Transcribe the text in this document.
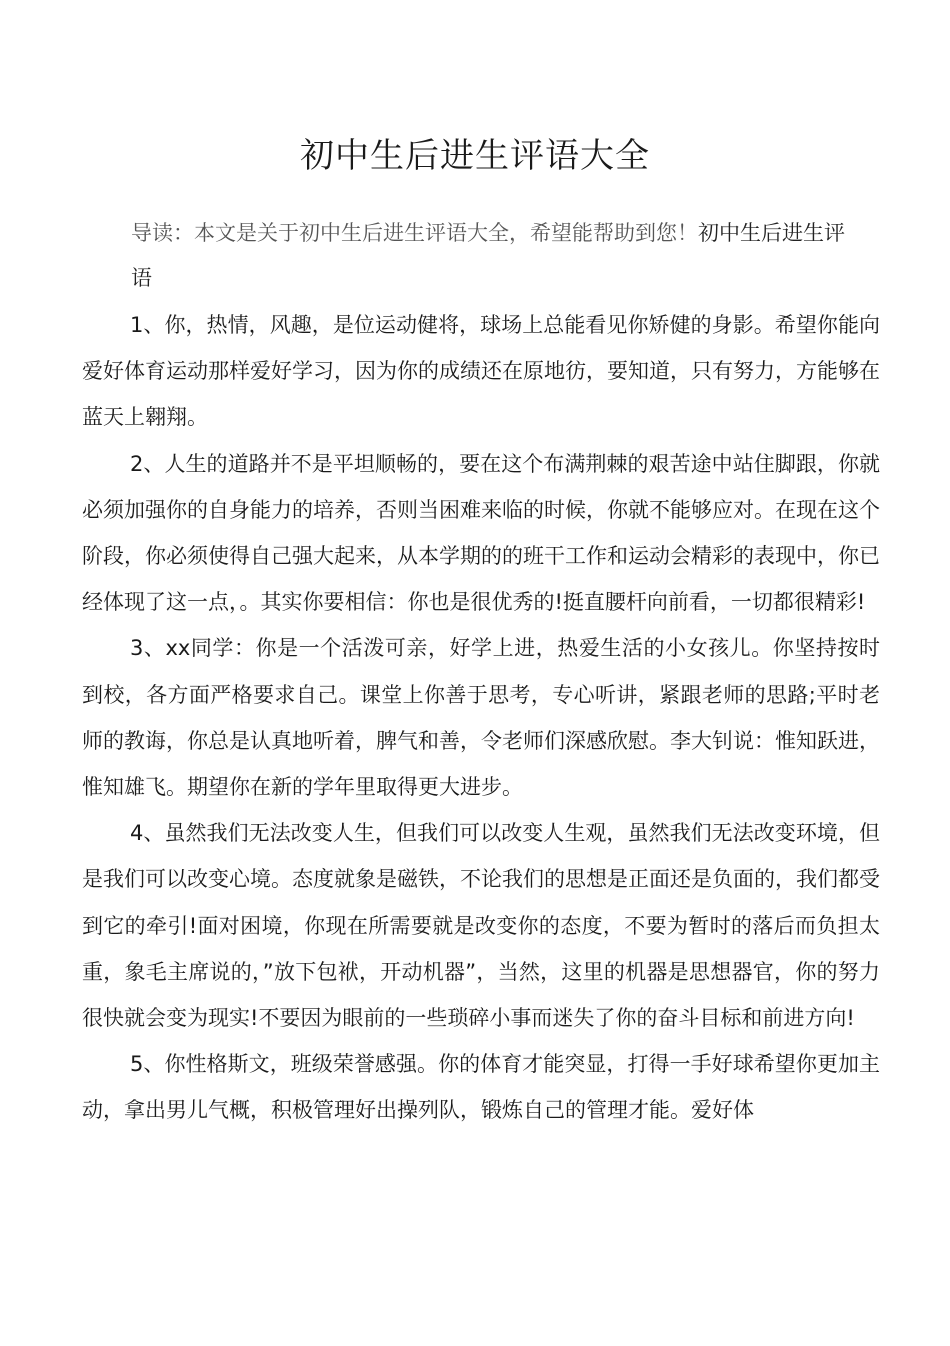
初中生后进生评语大全
导读：本文是关于初中生后进生评语大全，希望能帮助到您！初中生后进生评语

1、你，热情，风趣，是位运动健将，球场上总能看见你矫健的身影。希望你能向爱好体育运动那样爱好学习，因为你的成绩还在原地彷，要知道，只有努力，方能够在蓝天上翱翔。

2、人生的道路并不是平坦顺畅的，要在这个布满荆棘的艰苦途中站住脚跟，你就必须加强你的自身能力的培养，否则当困难来临的时候，你就不能够应对。在现在这个阶段，你必须使得自己强大起来，从本学期的的班干工作和运动会精彩的表现中，你已经体现了这一点，。其实你要相信：你也是很优秀的!挺直腰杆向前看，一切都很精彩!

3、xx同学：你是一个活泼可亲，好学上进，热爱生活的小女孩儿。你坚持按时到校，各方面严格要求自己。课堂上你善于思考，专心听讲，紧跟老师的思路;平时老师的教诲，你总是认真地听着，脾气和善，令老师们深感欣慰。李大钊说：惟知跃进，惟知雄飞。期望你在新的学年里取得更大进步。

4、虽然我们无法改变人生，但我们可以改变人生观，虽然我们无法改变环境，但是我们可以改变心境。态度就象是磁铁，不论我们的思想是正面还是负面的，我们都受到它的牵引!面对困境，你现在所需要就是改变你的态度，不要为暂时的落后而负担太重，象毛主席说的，”放下包袱，开动机器”，当然，这里的机器是思想器官，你的努力很快就会变为现实!不要因为眼前的一些琐碎小事而迷失了你的奋斗目标和前进方向!

5、你性格斯文，班级荣誉感强。你的体育才能突显，打得一手好球希望你更加主动，拿出男儿气概，积极管理好出操列队，锻炼自己的管理才能。爱好体
